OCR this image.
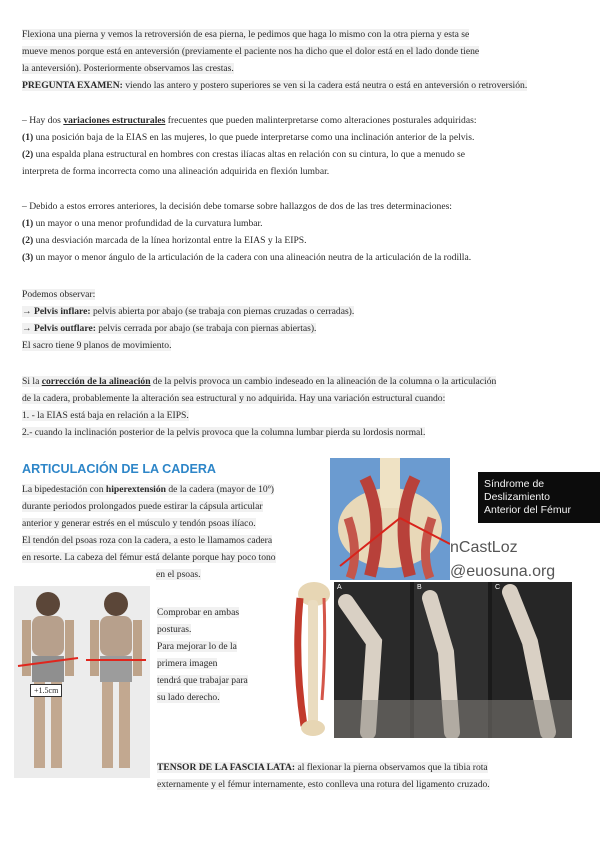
Flexiona una pierna y vemos la retroversión de esa pierna, le pedimos que haga lo mismo con la otra pierna y esta se
mueve menos porque está en anteversión (previamente el paciente nos ha dicho que el dolor está en el lado donde tiene
la anteversión). Posteriormente observamos las crestas.
PREGUNTA EXAMEN: viendo las antero y postero superiores se ven si la cadera está neutra o está en anteversión o retroversión.
– Hay dos variaciones estructurales frecuentes que pueden malinterpretarse como alteraciones posturales adquiridas:
(1) una posición baja de la EIAS en las mujeres, lo que puede interpretarse como una inclinación anterior de la pelvis.
(2) una espalda plana estructural en hombres con crestas ilíacas altas en relación con su cintura, lo que a menudo se
interpreta de forma incorrecta como una alineación adquirida en flexión lumbar.
– Debido a estos errores anteriores, la decisión debe tomarse sobre hallazgos de dos de las tres determinaciones:
(1) un mayor o una menor profundidad de la curvatura lumbar.
(2) una desviación marcada de la línea horizontal entre la EIAS y la EIPS.
(3) un mayor o menor ángulo de la articulación de la cadera con una alineación neutra de la articulación de la rodilla.
Podemos observar:
→ Pelvis inflare: pelvis abierta por abajo (se trabaja con piernas cruzadas o cerradas).
→ Pelvis outflare: pelvis cerrada por abajo (se trabaja con piernas abiertas).
El sacro tiene 9 planos de movimiento.
Si la corrección de la alineación de la pelvis provoca un cambio indeseado en la alineación de la columna o la articulación
de la cadera, probablemente la alteración sea estructural y no adquirida. Hay una variación estructural cuando:
1. - la EIAS está baja en relación a la EIPS.
2.- cuando la inclinación posterior de la pelvis provoca que la columna lumbar pierda su lordosis normal.
ARTICULACIÓN DE LA CADERA
La bipedestación con hiperextensión de la cadera (mayor de 10º)
durante periodos prolongados puede estirar la cápsula articular
anterior y generar estrés en el músculo y tendón psoas ilíaco.
El tendón del psoas roza con la cadera, a esto le llamamos cadera
en resorte. La cabeza del fémur está delante porque hay poco tono
en el psoas.
Síndrome de
Deslizamiento
Anterior del Fémur
nCastLoz
@euosuna.org
+1.5cm
Comprobar en ambas
posturas.
Para mejorar lo de la
primera imagen
tendrá que trabajar para
su lado derecho.
A	B	C
TENSOR DE LA FASCIA LATA: al flexionar la pierna observamos que la tibia rota
externamente y el fémur internamente, esto conlleva una rotura del ligamento cruzado.
